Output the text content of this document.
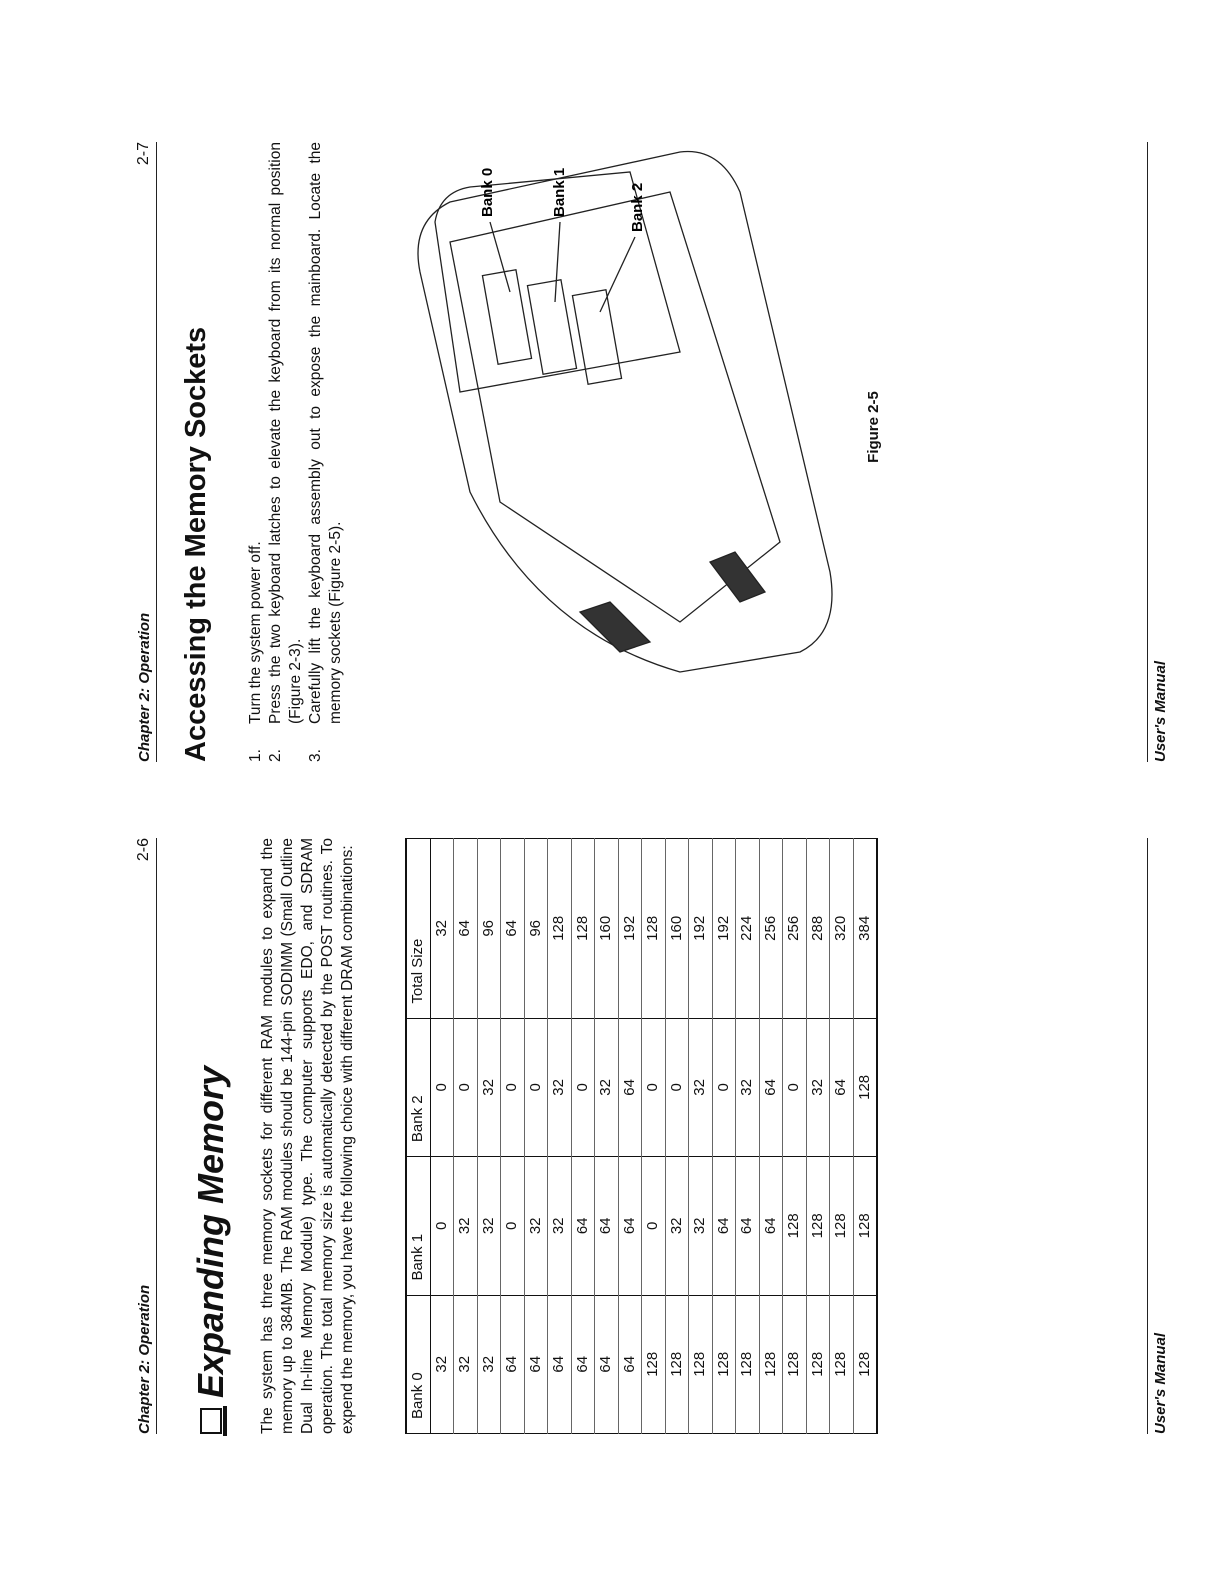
Chapter 2: Operation
2-6
Expanding Memory The system has three memory sockets for different RAM modules to expand the memory up to 384MB. The RAM modules should be 144-pin SODIMM (Small Outline Dual In-line Memory Module) type. The computer supports EDO, and SDRAM operation. The total memory size is automatically detected by the POST routines. To expend the memory, you have the following choice with different DRAM combinations:	Bank 0	Bank 1	Bank 2	Total Size
32	0	0	32
32	32	0	64
32	32	32	96
64	0	0	64
64	32	0	96
64	32	32	128
64	64	0	128
64	64	32	160
64	64	64	192
128	0	0	128
128	32	0	160
128	32	32	192
128	64	0	192
128	64	32	224
128	64	64	256
128	128	0	256
128	128	32	288
128	128	64	320
128	128	128	384
User's Manual
Chapter 2: Operation
2-7
Accessing the Memory Sockets 1.
Turn the system power off.
2.
Press the two keyboard latches to elevate the keyboard from its normal position (Figure 2-3).
3.
Carefully lift the keyboard assembly out to expose the mainboard. Locate the memory sockets (Figure 2-5).
Bank 0	Bank 1	Bank 2
Figure 2-5
User's Manual
